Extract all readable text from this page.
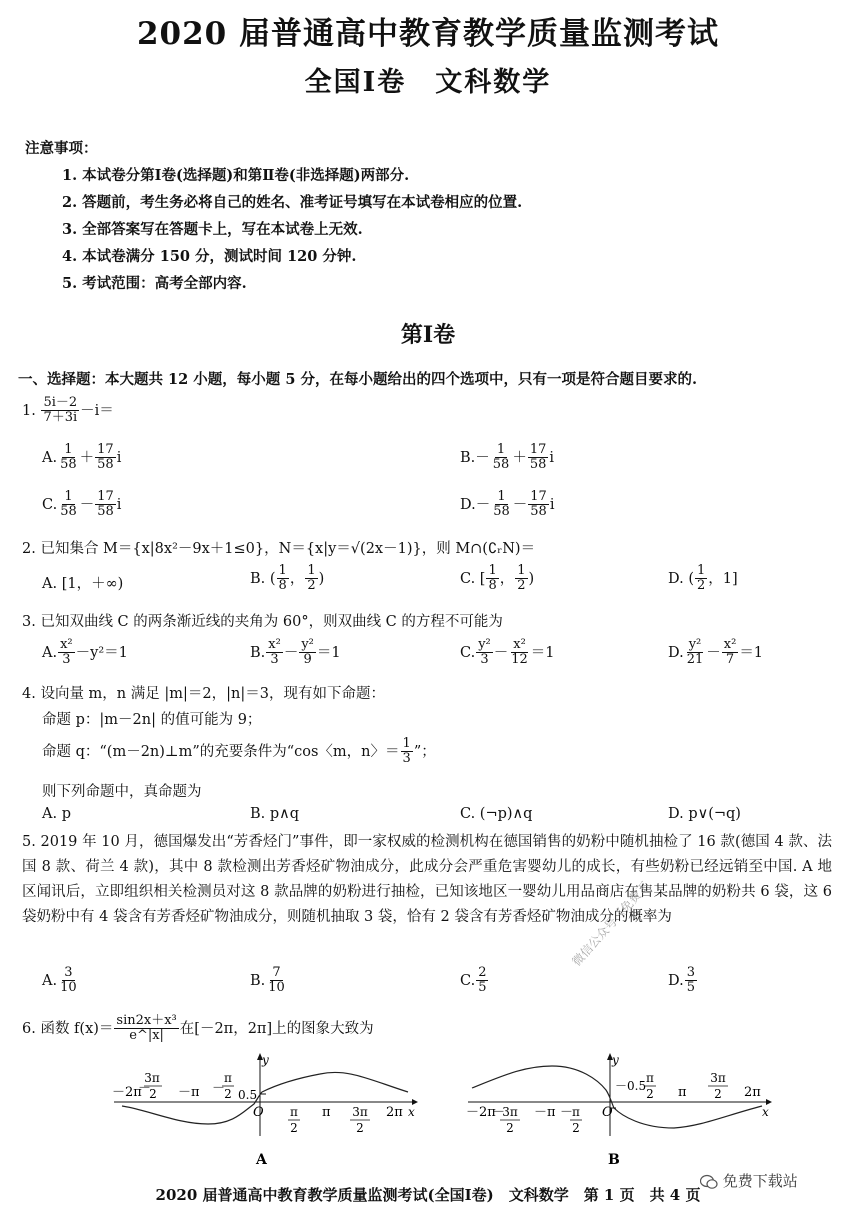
2020 届普通高中教育教学质量监测考试
全国Ⅰ卷　文科数学
注意事项：
1. 本试卷分第Ⅰ卷(选择题)和第Ⅱ卷(非选择题)两部分.
2. 答题前，考生务必将自己的姓名、准考证号填写在本试卷相应的位置.
3. 全部答案写在答题卡上，写在本试卷上无效.
4. 本试卷满分 150 分，测试时间 120 分钟.
5. 考试范围：高考全部内容.
第Ⅰ卷
一、选择题：本大题共 12 小题，每小题 5 分，在每小题给出的四个选项中，只有一项是符合题目要求的.
1. $\frac{5i-2}{7+3i} -i=$
A. $\frac{1}{58} + \frac{17}{58}$ i	$B.- \frac{1}{58} + \frac{17}{58}$ i
C. $\frac{1}{58} - \frac{17}{58}$ i	$D.- \frac{1}{58} - \frac{17}{58}$ i
2. 已知集合 M＝{x|8x²－9x＋1≤0}，N＝{x|y＝√(2x－1)}，则 M∩(∁ᵣN)＝
A. [1，＋∞)	B. ( $\frac{1}{8}$ ， $\frac{1}{2}$ )	C. [ $\frac{1}{8}$ ， $\frac{1}{2}$ )	D. ( $\frac{1}{2}$ ，1]
3. 已知双曲线 C 的两条渐近线的夹角为 60°，则双曲线 C 的方程不可能为
A. $\frac{\text{x²}}{3} -y^2=1$	B. $\frac{\text{x²}}{3} - \frac{\text{y²}}{9} =1$	C. $\frac{\text{y²}}{3} - \frac{\text{x²}}{12} =1$	D. $\frac{\text{y²}}{21} - \frac{\text{x²}}{7} =1$
4. 设向量 m，n 满足 |m|＝2，|n|＝3，现有如下命题：
命题 p：|m－2n| 的值可能为 9；
命题 q：“(m－2n)⊥m”的充要条件为“cos〈m，n〉＝ $\frac{1}{3}$ ”；
则下列命题中，真命题为
A. p	B. p∧q	C. (¬p)∧q	D. p∨(¬q)
5. 2019 年 10 月，德国爆发出“芳香烃门”事件，即一家权威的检测机构在德国销售的奶粉中随机抽检了 16 款(德国 4 款、法国 8 款、荷兰 4 款)，其中 8 款检测出芳香烃矿物油成分，此成分会严重危害婴幼儿的成长，有些奶粉已经远销至中国. A 地区闻讯后，立即组织相关检测员对这 8 款品牌的奶粉进行抽检，已知该地区一婴幼儿用品商店在售某品牌的奶粉共 6 袋，这 6 袋奶粉中有 4 袋含有芳香烃矿物油成分，则随机抽取 3 袋，恰有 2 袋含有芳香烃矿物油成分的概率为
A. $\frac{3}{10}$	B. $\frac{7}{10}$	C. $\frac{2}{5}$	D. $\frac{3}{5}$
微信公众号《免费下
6. 函数 $f(x)= \frac{\text{sin2x＋x³}}{e\^{}|x|}$ 在[－2π，2π]上的图象大致为
－2π	－π
－
3π
2	－
π
2 0.5
y
x
O π
2
π 3π
2
2π
A
－2π
－
3π
2
－π － π
2
O
y
－0.5
π
2 π
3π
2 2π
x
B
免费下载站
2020 届普通高中教育教学质量监测考试(全国Ⅰ卷)　文科数学　第 1 页　共 4 页
